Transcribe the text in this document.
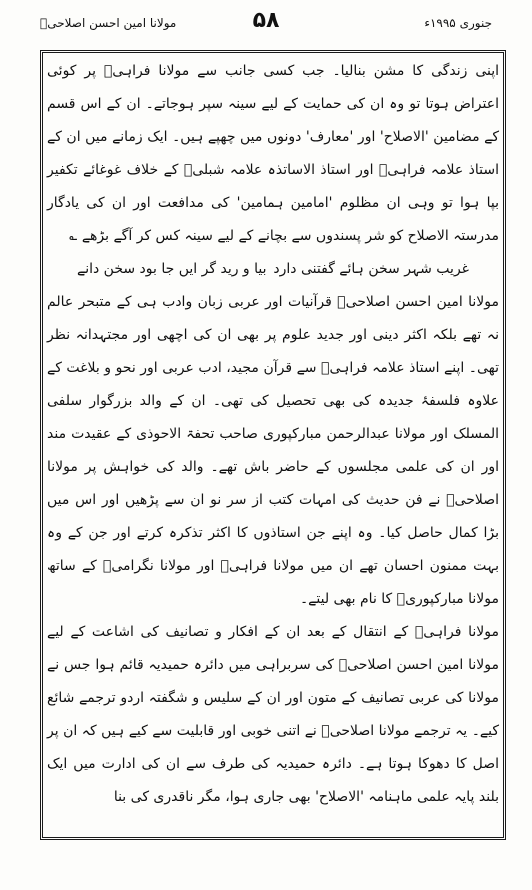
جنوری ۱۹۹۵ء
۵۸
مولانا امین احسن اصلاحیؒ

اپنی زندگی کا مشن بنالیا۔ جب کسی جانب سے مولانا فراہیؒ پر کوئی اعتراض ہوتا تو وہ ان کی حمایت کے لیے سینہ سپر ہوجاتے۔ ان کے اس قسم کے مضامین 'الاصلاح' اور 'معارف' دونوں میں چھپے ہیں۔ ایک زمانے میں ان کے استاذ علامہ فراہیؒ اور استاذ الاساتذہ علامہ شبلیؒ کے خلاف غوغائے تکفیر بپا ہوا تو وہی ان مظلوم 'امامین ہمامین' کی مدافعت اور ان کی یادگار مدرستہ الاصلاح کو شر پسندوں سے بچانے کے لیے سینہ کس کر آگے بڑھے ؎

غریب شہر سخن ہائے گفتنی دارد
بیا و رید گر ایں جا بود سخن دانے

مولانا امین احسن اصلاحیؒ قرآنیات اور عربی زبان وادب ہی کے متبحر عالم نہ تھے بلکہ اکثر دینی اور جدید علوم پر بھی ان کی اچھی اور مجتہدانہ نظر تھی۔ اپنے استاذ علامہ فراہیؒ سے قرآن مجید، ادب عربی اور نحو و بلاغت کے علاوہ فلسفۂ جدیدہ کی بھی تحصیل کی تھی۔ ان کے والد بزرگوار سلفی المسلک اور مولانا عبدالرحمن مبارکپوری صاحب تحفۃ الاحوذی کے عقیدت مند اور ان کی علمی مجلسوں کے حاضر باش تھے۔ والد کی خواہش پر مولانا اصلاحیؒ نے فن حدیث کی امہات کتب از سر نو ان سے پڑھیں اور اس میں بڑا کمال حاصل کیا۔ وہ اپنے جن استاذوں کا اکثر تذکرہ کرتے اور جن کے وہ بہت ممنون احسان تھے ان میں مولانا فراہیؒ اور مولانا نگرامیؒ کے ساتھ مولانا مبارکپوریؒ کا نام بھی لیتے۔

مولانا فراہیؒ کے انتقال کے بعد ان کے افکار و تصانیف کی اشاعت کے لیے مولانا امین احسن اصلاحیؒ کی سربراہی میں دائرہ حمیدیہ قائم ہوا جس نے مولانا کی عربی تصانیف کے متون اور ان کے سلیس و شگفتہ اردو ترجمے شائع کیے۔ یہ ترجمے مولانا اصلاحیؒ نے اتنی خوبی اور قابلیت سے کیے ہیں کہ ان پر اصل کا دھوکا ہوتا ہے۔ دائرہ حمیدیہ کی طرف سے ان کی ادارت میں ایک بلند پایہ علمی ماہنامہ 'الاصلاح' بھی جاری ہوا، مگر ناقدری کی بنا
